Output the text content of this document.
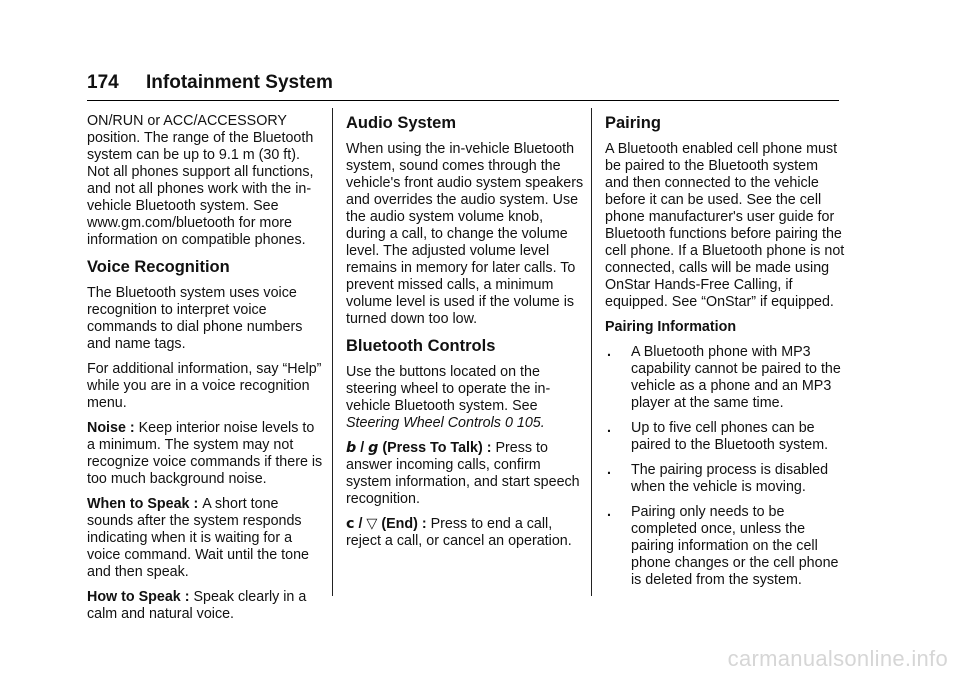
174 Infotainment System

ON/RUN or ACC/ACCESSORY position. The range of the Bluetooth system can be up to 9.1 m (30 ft). Not all phones support all functions, and not all phones work with the in-vehicle Bluetooth system. See www.gm.com/bluetooth for more information on compatible phones.

Voice Recognition

The Bluetooth system uses voice recognition to interpret voice commands to dial phone numbers and name tags.

For additional information, say “Help” while you are in a voice recognition menu.

Noise : Keep interior noise levels to a minimum. The system may not recognize voice commands if there is too much background noise.

When to Speak : A short tone sounds after the system responds indicating when it is waiting for a voice command. Wait until the tone and then speak.

How to Speak : Speak clearly in a calm and natural voice.

Audio System

When using the in-vehicle Bluetooth system, sound comes through the vehicle's front audio system speakers and overrides the audio system. Use the audio system volume knob, during a call, to change the volume level. The adjusted volume level remains in memory for later calls. To prevent missed calls, a minimum volume level is used if the volume is turned down too low.

Bluetooth Controls

Use the buttons located on the steering wheel to operate the in-vehicle Bluetooth system. See Steering Wheel Controls 0 105.

b / g (Press To Talk) : Press to answer incoming calls, confirm system information, and start speech recognition.

c / ▽ (End) : Press to end a call, reject a call, or cancel an operation.

Pairing

A Bluetooth enabled cell phone must be paired to the Bluetooth system and then connected to the vehicle before it can be used. See the cell phone manufacturer's user guide for Bluetooth functions before pairing the cell phone. If a Bluetooth phone is not connected, calls will be made using OnStar Hands-Free Calling, if equipped. See “OnStar” if equipped.

Pairing Information

. A Bluetooth phone with MP3 capability cannot be paired to the vehicle as a phone and an MP3 player at the same time.
. Up to five cell phones can be paired to the Bluetooth system.
. The pairing process is disabled when the vehicle is moving.
. Pairing only needs to be completed once, unless the pairing information on the cell phone changes or the cell phone is deleted from the system.
carmanualsonline.info
